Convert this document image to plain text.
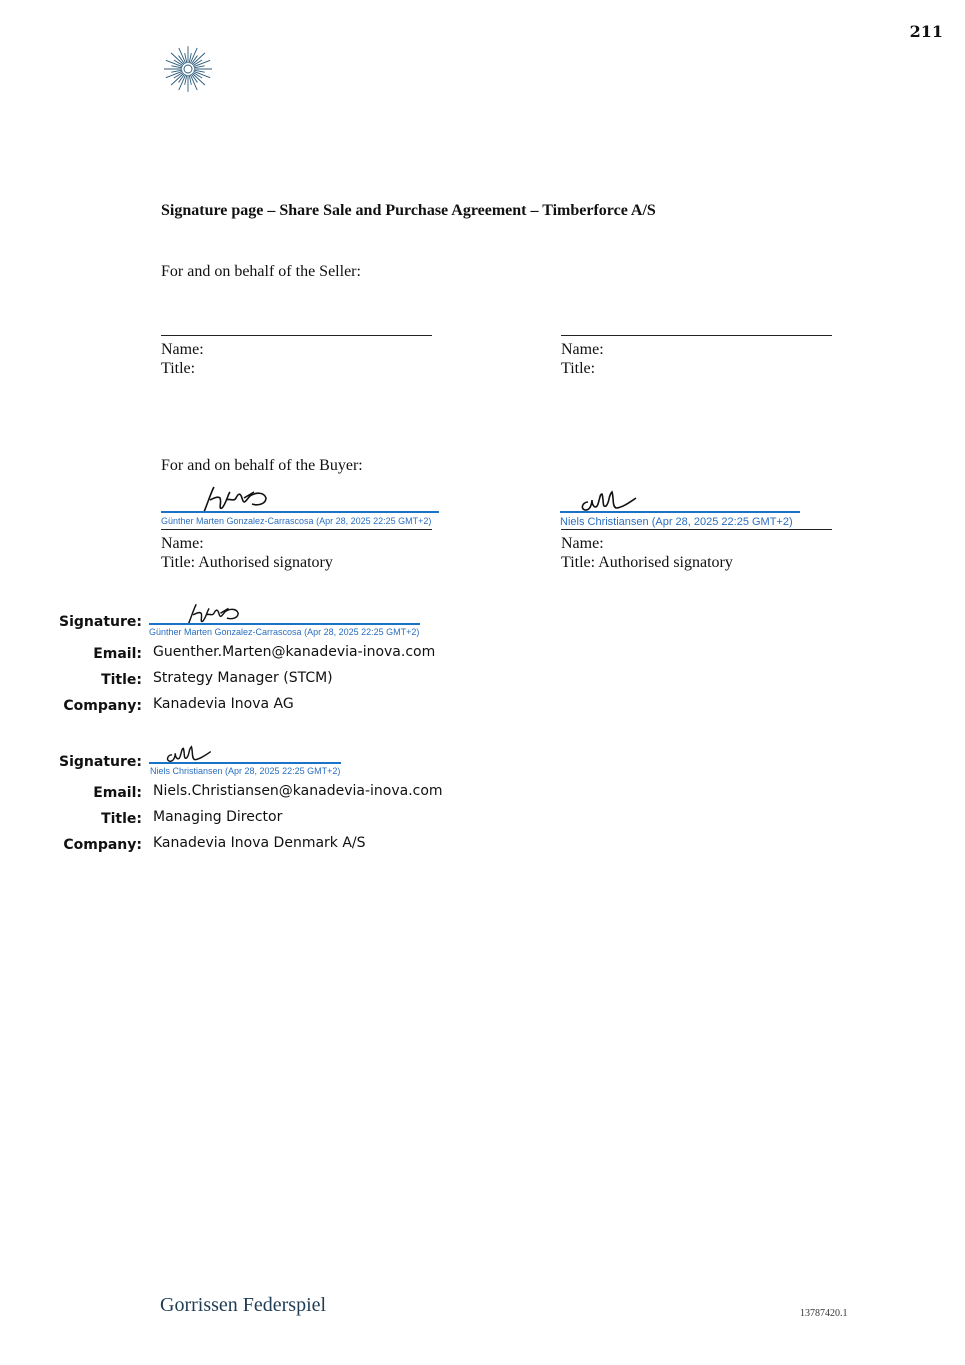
211
Signature page – Share Sale and Purchase Agreement – Timberforce A/S
For and on behalf of the Seller:
Name:
Title:
Name:
Title:
For and on behalf of the Buyer:
Günther Marten Gonzalez-Carrascosa (Apr 28, 2025 22:25 GMT+2)
Name:
Title: Authorised signatory
Niels Christiansen (Apr 28, 2025 22:25 GMT+2)
Name:
Title: Authorised signatory
Signature:
Günther Marten Gonzalez-Carrascosa (Apr 28, 2025 22:25 GMT+2)
Email: Guenther.Marten@kanadevia-inova.com
Title: Strategy Manager (STCM)
Company: Kanadevia Inova AG
Signature:
Niels Christiansen (Apr 28, 2025 22:25 GMT+2)
Email: Niels.Christiansen@kanadevia-inova.com
Title: Managing Director
Company: Kanadevia Inova Denmark A/S
Gorrissen Federspiel	13787420.1
